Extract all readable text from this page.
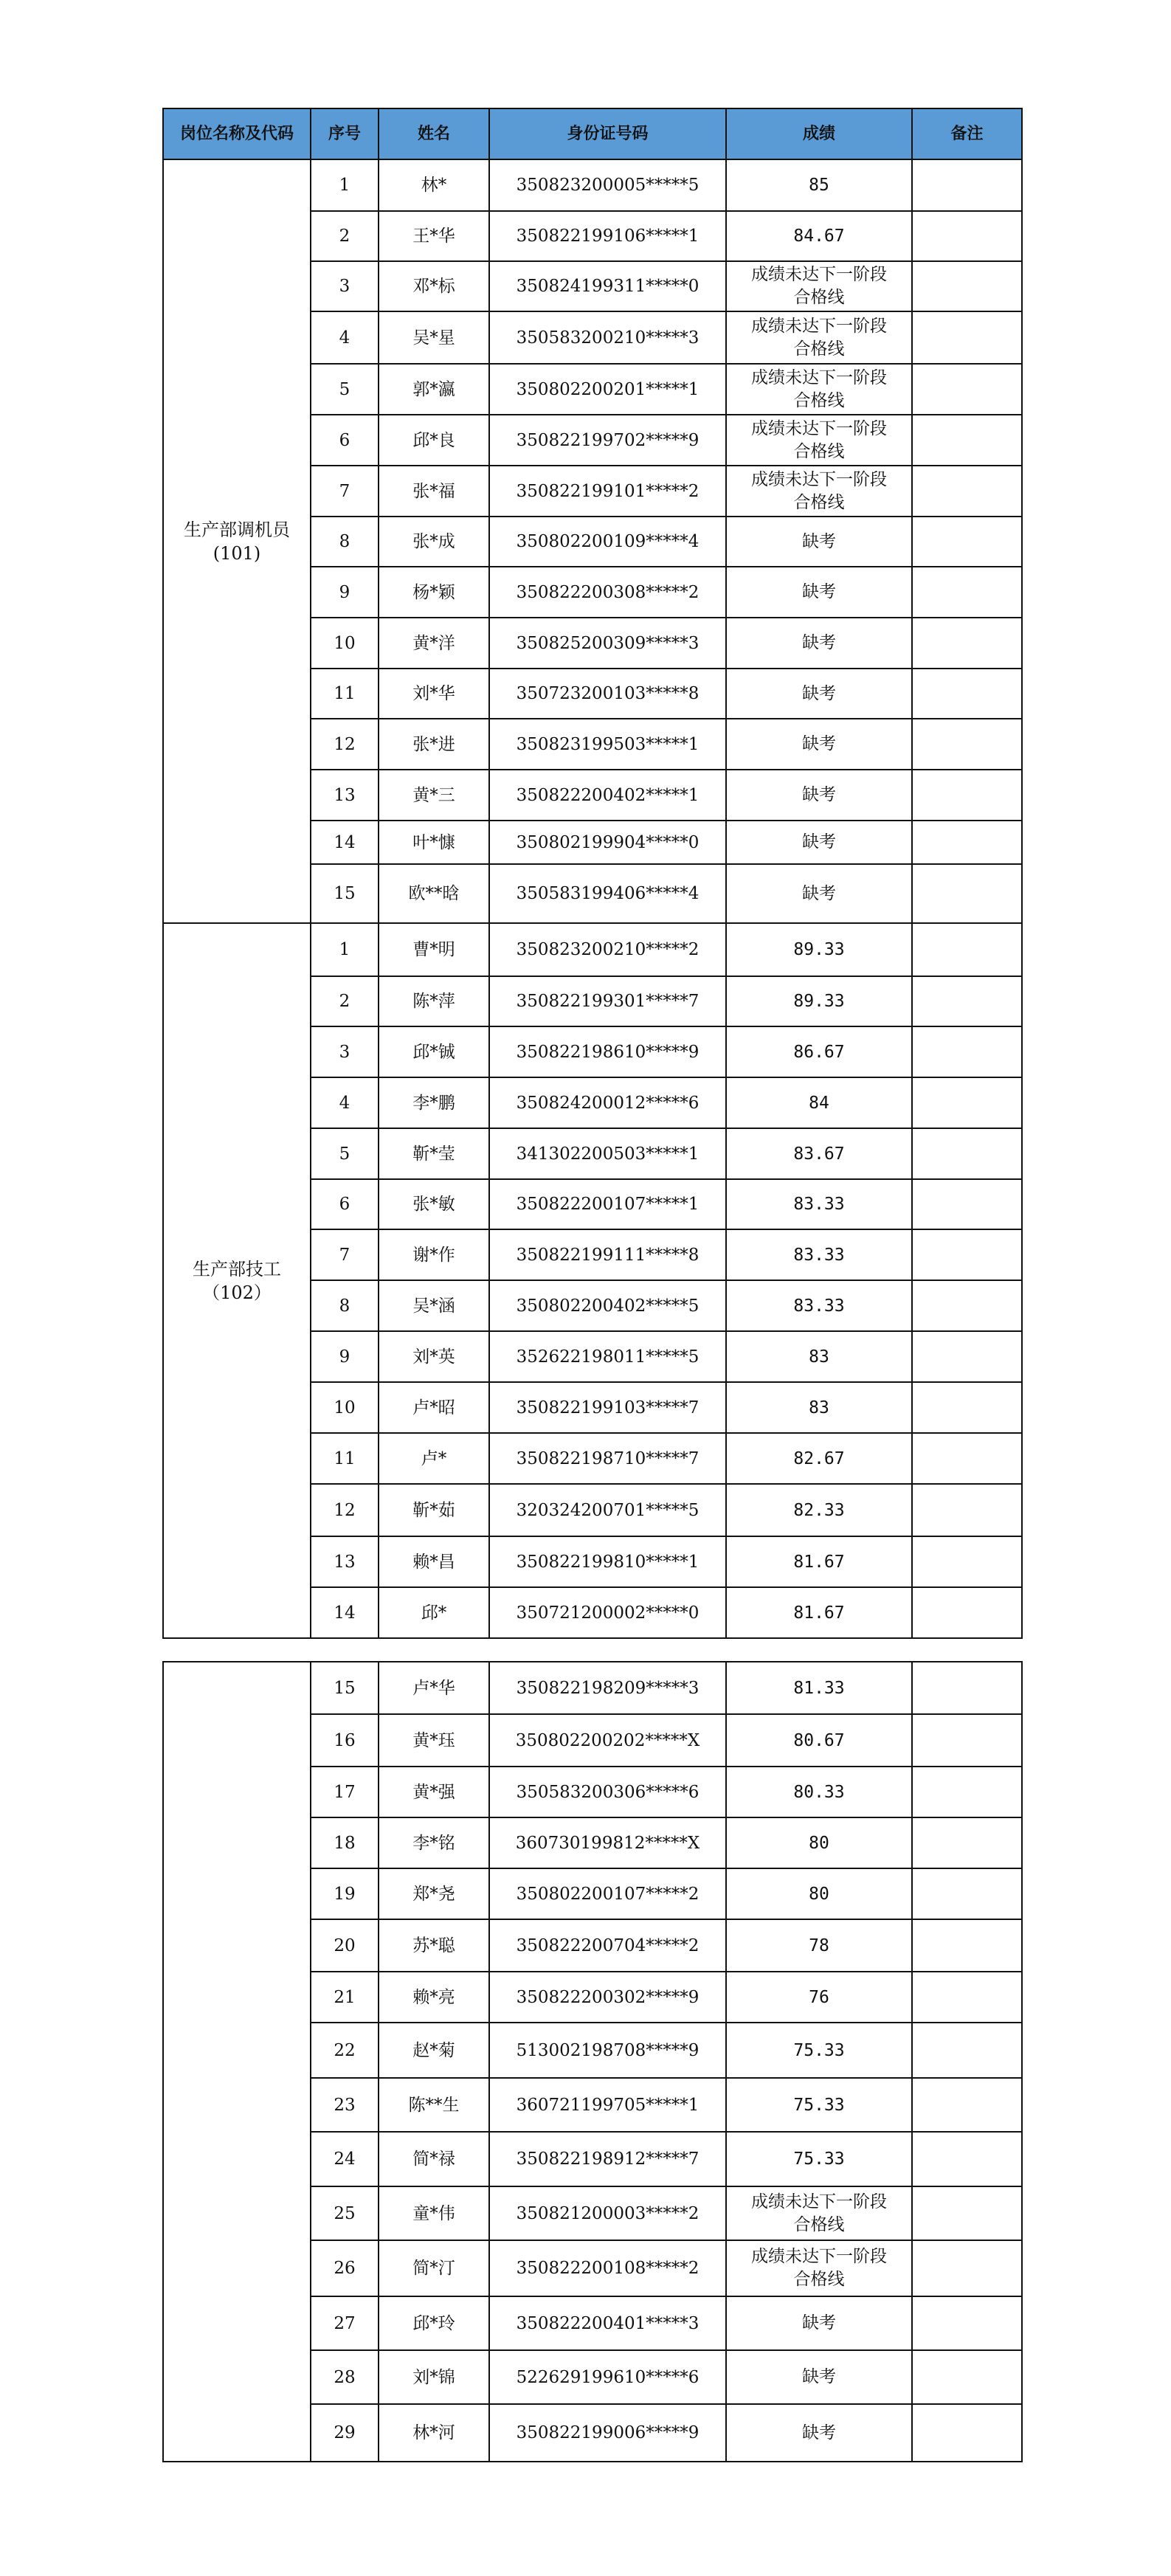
岗位名称及代码	序号	姓名	身份证号码	成绩	备注

生产部调机员
(101)	1	林*	350823200005*****5	85	
	2	王*华	350822199106*****1	84.67	
	3	邓*标	350824199311*****0	成绩未达下一阶段合格线	
	4	吴*星	350583200210*****3	成绩未达下一阶段合格线	
	5	郭*瀛	350802200201*****1	成绩未达下一阶段合格线	
	6	邱*良	350822199702*****9	成绩未达下一阶段合格线	
	7	张*福	350822199101*****2	成绩未达下一阶段合格线	
	8	张*成	350802200109*****4	缺考	
	9	杨*颖	350822200308*****2	缺考	
	10	黄*洋	350825200309*****3	缺考	
	11	刘*华	350723200103*****8	缺考	
	12	张*进	350823199503*****1	缺考	
	13	黄*三	350822200402*****1	缺考	
	14	叶*慷	350802199904*****0	缺考	
	15	欧**晗	350583199406*****4	缺考	

生产部技工
（102）	1	曹*明	350823200210*****2	89.33	
	2	陈*萍	350822199301*****7	89.33	
	3	邱*铖	350822198610*****9	86.67	
	4	李*鹏	350824200012*****6	84	
	5	靳*莹	341302200503*****1	83.67	
	6	张*敏	350822200107*****1	83.33	
	7	谢*作	350822199111*****8	83.33	
	8	吴*涵	350802200402*****5	83.33	
	9	刘*英	352622198011*****5	83	
	10	卢*昭	350822199103*****7	83	
	11	卢*	350822198710*****7	82.67	
	12	靳*茹	320324200701*****5	82.33	
	13	赖*昌	350822199810*****1	81.67	
	14	邱*	350721200002*****0	81.67	
	15	卢*华	350822198209*****3	81.33	
	16	黄*珏	350802200202*****X	80.67	
	17	黄*强	350583200306*****6	80.33	
	18	李*铭	360730199812*****X	80	
	19	郑*尧	350802200107*****2	80	
	20	苏*聪	350822200704*****2	78	
	21	赖*亮	350822200302*****9	76	
	22	赵*菊	513002198708*****9	75.33	
	23	陈**生	360721199705*****1	75.33	
	24	简*禄	350822198912*****7	75.33	
	25	童*伟	350821200003*****2	成绩未达下一阶段合格线	
	26	简*汀	350822200108*****2	成绩未达下一阶段合格线	
	27	邱*玲	350822200401*****3	缺考	
	28	刘*锦	522629199610*****6	缺考	
	29	林*河	350822199006*****9	缺考	
